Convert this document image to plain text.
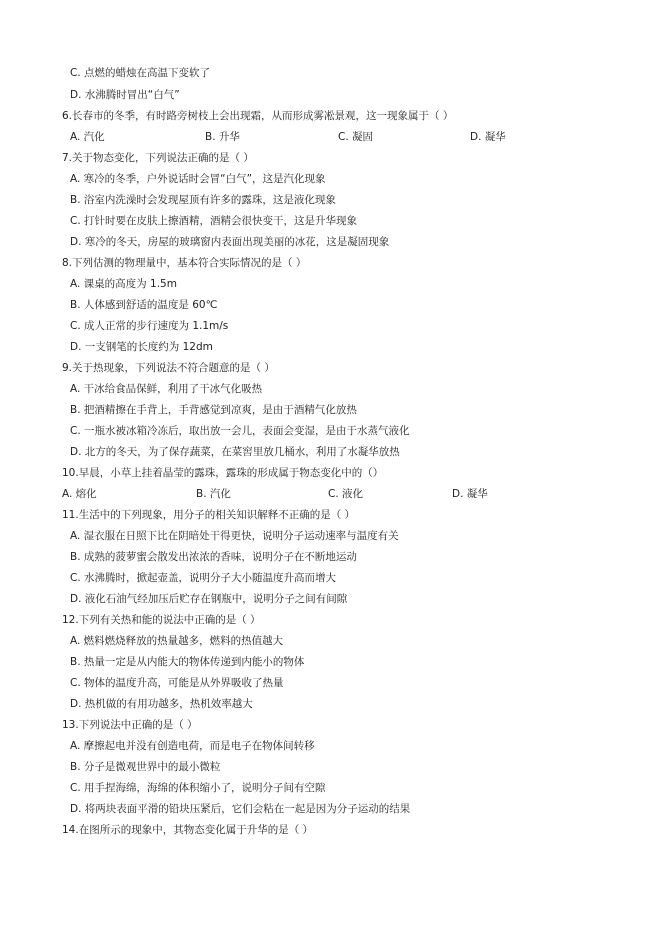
C. 点燃的蜡烛在高温下变软了
D. 水沸腾时冒出“白气”
6.长春市的冬季，有时路旁树枝上会出现霜，从而形成雾凇景观，这一现象属于（ ）
A. 汽化	B. 升华	C. 凝固	D. 凝华
7.关于物态变化，下列说法正确的是（ ）
A. 寒冷的冬季，户外说话时会冒“白气”，这是汽化现象
B. 浴室内洗澡时会发现屋顶有许多的露珠，这是液化现象
C. 打针时要在皮肤上擦酒精，酒精会很快变干，这是升华现象
D. 寒冷的冬天，房屋的玻璃窗内表面出现美丽的冰花，这是凝固现象
8.下列估测的物理量中，基本符合实际情况的是（ ）
A. 课桌的高度为 1.5m
B. 人体感到舒适的温度是 60℃
C. 成人正常的步行速度为 1.1m/s
D. 一支钢笔的长度约为 12dm
9.关于热现象，下列说法不符合题意的是（ ）
A. 干冰给食品保鲜，利用了干冰气化吸热
B. 把酒精擦在手背上，手背感觉到凉爽，是由于酒精气化放热
C. 一瓶水被冰箱冷冻后，取出放一会儿，表面会变湿，是由于水蒸气液化
D. 北方的冬天，为了保存蔬菜，在菜窖里放几桶水，利用了水凝华放热
10.早晨，小草上挂着晶莹的露珠，露珠的形成属于物态变化中的（）
A. 熔化	B. 汽化	C. 液化	D. 凝华
11.生活中的下列现象，用分子的相关知识解释不正确的是（ ）
A. 湿衣服在日照下比在阴暗处干得更快，说明分子运动速率与温度有关
B. 成熟的菠萝蜜会散发出浓浓的香味，说明分子在不断地运动
C. 水沸腾时，掀起壶盖，说明分子大小随温度升高而增大
D. 液化石油气经加压后贮存在钢瓶中，说明分子之间有间隙
12.下列有关热和能的说法中正确的是（ ）
A. 燃料燃烧释放的热量越多，燃料的热值越大
B. 热量一定是从内能大的物体传递到内能小的物体
C. 物体的温度升高，可能是从外界吸收了热量
D. 热机做的有用功越多，热机效率越大
13.下列说法中正确的是（ ）
A. 摩擦起电并没有创造电荷，而是电子在物体间转移
B. 分子是微观世界中的最小微粒
C. 用手捏海绵，海绵的体积缩小了，说明分子间有空隙
D. 将两块表面平滑的铅块压紧后，它们会粘在一起是因为分子运动的结果
14.在图所示的现象中，其物态变化属于升华的是（ ）
